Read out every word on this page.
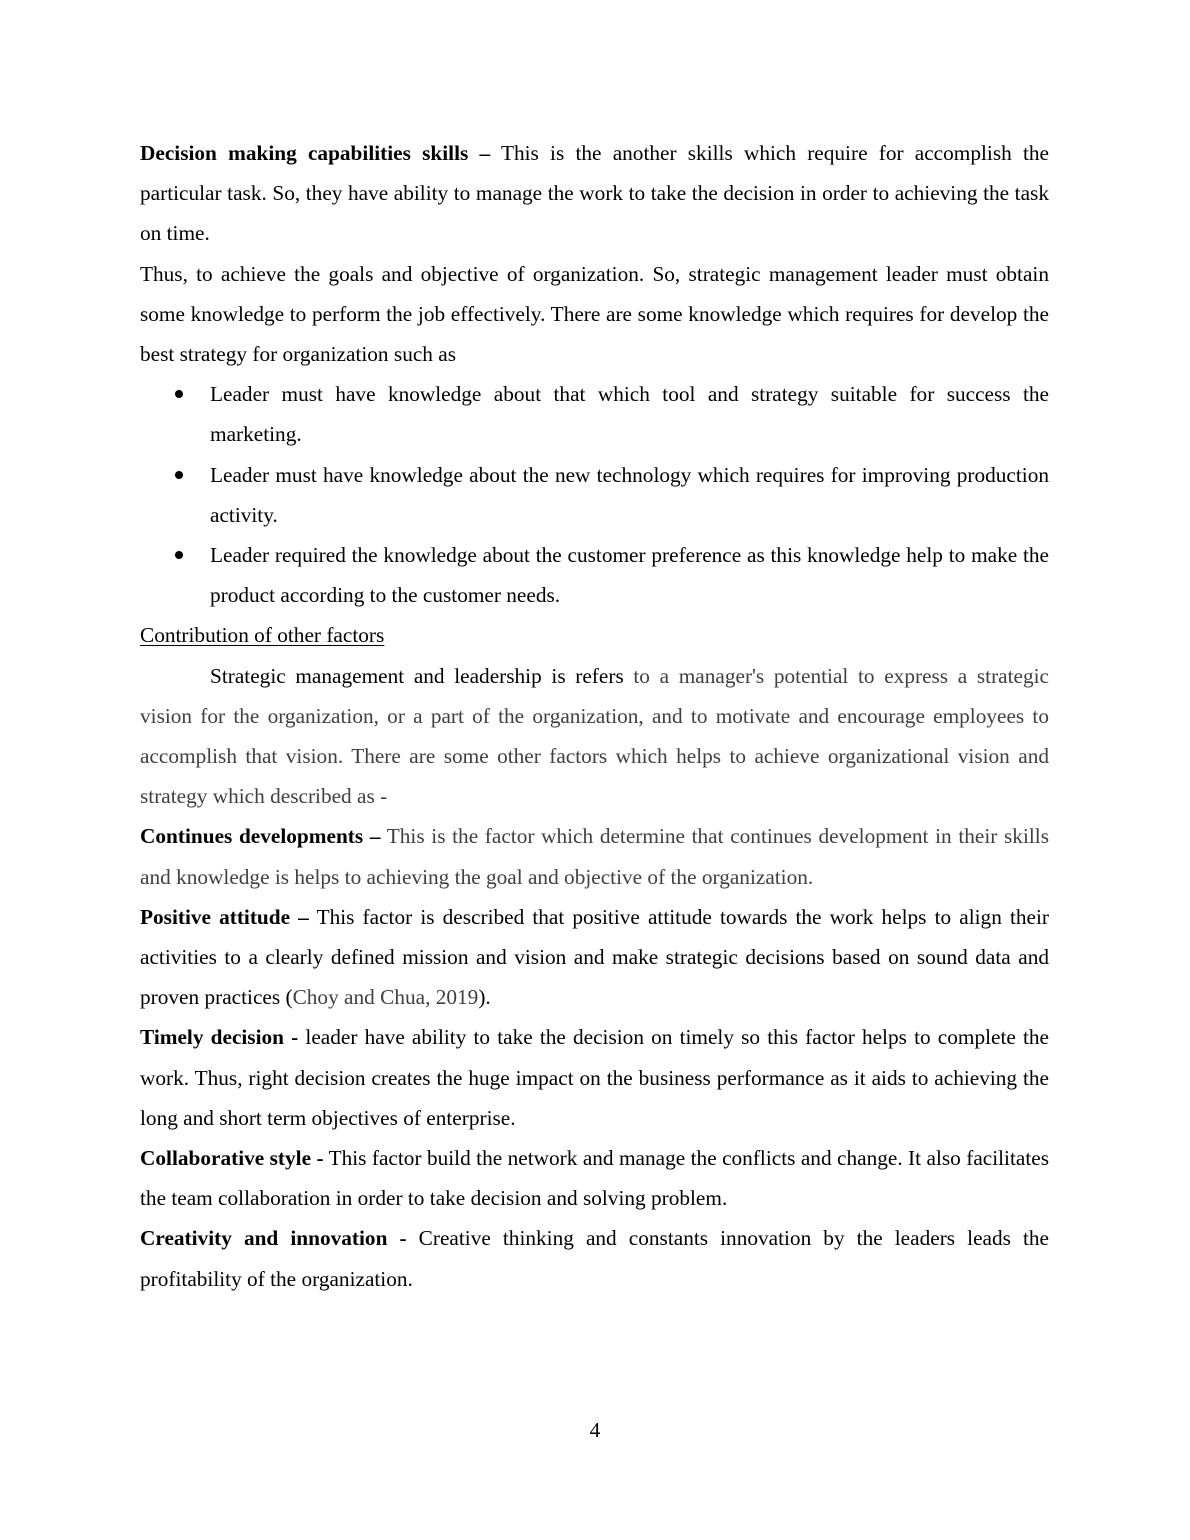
Decision making capabilities skills – This is the another skills which require for accomplish the particular task. So, they have ability to manage the work to take the decision in order to achieving the task on time.

Thus, to achieve the goals and objective of organization. So, strategic management leader must obtain some knowledge to perform the job effectively. There are some knowledge which requires for develop the best strategy for organization such as

Leader must have knowledge about that which tool and strategy suitable for success the marketing.
Leader must have knowledge about the new technology which requires for improving production activity.
Leader required the knowledge about the customer preference as this knowledge help to make the product according to the customer needs.

Contribution of other factors

Strategic management and leadership is refers to a manager's potential to express a strategic vision for the organization, or a part of the organization, and to motivate and encourage employees to accomplish that vision. There are some other factors which helps to achieve organizational vision and strategy which described as -

Continues developments – This is the factor which determine that continues development in their skills and knowledge is helps to achieving the goal and objective of the organization.

Positive attitude – This factor is described that positive attitude towards the work helps to align their activities to a clearly defined mission and vision and make strategic decisions based on sound data and proven practices (Choy and Chua, 2019).

Timely decision - leader have ability to take the decision on timely so this factor helps to complete the work. Thus, right decision creates the huge impact on the business performance as it aids to achieving the long and short term objectives of enterprise.

Collaborative style - This factor build the network and manage the conflicts and change. It also facilitates the team collaboration in order to take decision and solving problem.

Creativity and innovation - Creative thinking and constants innovation by the leaders leads the profitability of the organization.

4
